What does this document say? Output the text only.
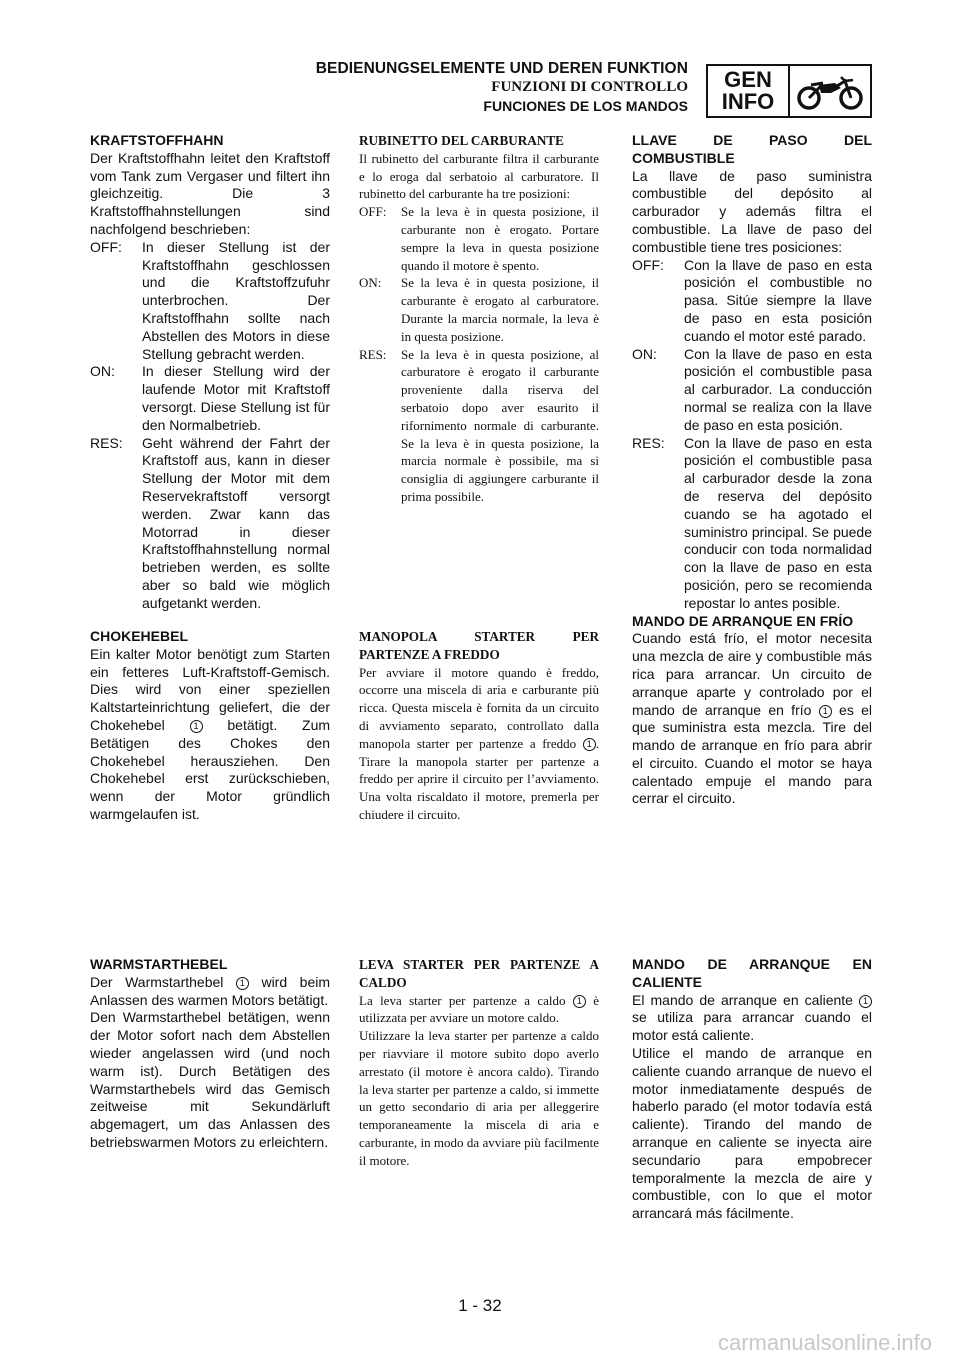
BEDIENUNGSELEMENTE UND DEREN FUNKTION
FUNZIONI DI CONTROLLO
FUNCIONES DE LOS MANDOS
GEN
INFO

KRAFTSTOFFHAHN

Der Kraftstoffhahn leitet den Kraftstoff vom Tank zum Vergaser und filtert ihn gleichzeitig. Die 3 Kraftstoffhahnstellungen sind nachfolgend beschrieben:

OFF:	In dieser Stellung ist der Kraftstoffhahn geschlossen und die Kraftstoffzufuhr unterbrochen. Der Kraftstoffhahn sollte nach Abstellen des Motors in diese Stellung gebracht werden.
ON:	In dieser Stellung wird der laufende Motor mit Kraftstoff versorgt. Diese Stellung ist für den Normalbetrieb.
RES:	Geht während der Fahrt der Kraftstoff aus, kann in dieser Stellung der Motor mit dem Reservekraftstoff versorgt werden. Zwar kann das Motorrad in dieser Kraftstoffhahnstellung normal betrieben werden, es sollte aber so bald wie möglich aufgetankt werden.

CHOKEHEBEL

Ein kalter Motor benötigt zum Starten ein fetteres Luft-Kraftstoff-Gemisch. Dies wird von einer speziellen Kaltstarteinrichtung geliefert, die der Chokehebel	1 betätigt. Zum Betätigen des Chokes den Chokehebel herausziehen. Den Chokehebel erst zurückschieben, wenn der Motor gründlich warmgelaufen ist.

WARMSTARTHEBEL

Der Warmstarthebel 1 wird beim Anlassen des warmen Motors betätigt.

Den Warmstarthebel betätigen, wenn der Motor sofort nach dem Abstellen wieder angelassen wird (und noch warm ist). Durch Betätigen des Warmstarthebels wird das Gemisch zeitweise mit Sekundärluft abgemagert, um das Anlassen des betriebswarmen Motors zu erleichtern.

RUBINETTO DEL CARBURANTE

Il rubinetto del carburante filtra il carburante e lo eroga dal serbatoio al carburatore. Il rubinetto del carburante ha tre posizioni:

OFF:	Se la leva è in questa posizione, il carburante non è erogato. Portare sempre la leva in questa posizione quando il motore è spento.
ON:	Se la leva è in questa posizione, il carburante è erogato al carburatore. Durante la marcia normale, la leva è in questa posizione.
RES:	Se la leva è in questa posizione, al carburatore è erogato il carburante proveniente dalla riserva del serbatoio dopo aver esaurito il rifornimento normale di carburante. Se la leva è in questa posizione, la marcia normale è possibile, ma si consiglia di aggiungere carburante il prima possibile.

MANOPOLA STARTER PER PARTENZE A FREDDO

Per avviare il motore quando è freddo, occorre una miscela di aria e carburante più ricca. Questa miscela è fornita da un circuito di avviamento separato, controllato dalla manopola starter per partenze a freddo 1 . Tirare la manopola starter per partenze a freddo per aprire il circuito per l’avviamento. Una volta riscaldato il motore, premerla per chiudere il circuito.

LEVA STARTER PER PARTENZE A CALDO

La leva starter per partenze a caldo 1 è utilizzata per avviare un motore caldo.

Utilizzare la leva starter per partenze a caldo per riavviare il motore subito dopo averlo arrestato (il motore è ancora caldo). Tirando la leva starter per partenze a caldo, si immette un getto secondario di aria per alleggerire temporaneamente la miscela di aria e carburante, in modo da avviare più facilmente il motore.

LLAVE DE PASO DEL COMBUSTIBLE

La llave de paso suministra combustible del depósito al carburador y además filtra el combustible. La llave de paso del combustible tiene tres posiciones:

OFF:	Con la llave de paso en esta posición el combustible no pasa. Sitúe siempre la llave de paso en esta posición cuando el motor esté parado.
ON:	Con la llave de paso en esta posición el combustible pasa al carburador. La conducción normal se realiza con la llave de paso en esta posición.
RES:	Con la llave de paso en esta posición el combustible pasa al carburador desde la zona de reserva del depósito cuando se ha agotado el suministro principal. Se puede conducir con toda normalidad con la llave de paso en esta posición, pero se recomienda repostar lo antes posible.

MANDO DE ARRANQUE EN FRÍO

Cuando está frío, el motor necesita una mezcla de aire y combustible más rica para arrancar. Un circuito de arranque aparte y controlado por el mando de arranque en frío 1 es el que suministra esta mezcla. Tire del mando de arranque en frío para abrir el circuito. Cuando el motor se haya calentado empuje el mando para cerrar el circuito.

MANDO DE ARRANQUE EN CALIENTE

El mando de arranque en caliente 1 se utiliza para arrancar cuando el motor está caliente.

Utilice el mando de arranque en caliente cuando arranque de nuevo el motor inmediatamente después de haberlo parado (el motor todavía está caliente). Tirando del mando de arranque en caliente se inyecta aire secundario para empobrecer temporalmente la mezcla de aire y combustible, con lo que el motor arrancará más fácilmente.

1 - 32
carmanualsonline.info
